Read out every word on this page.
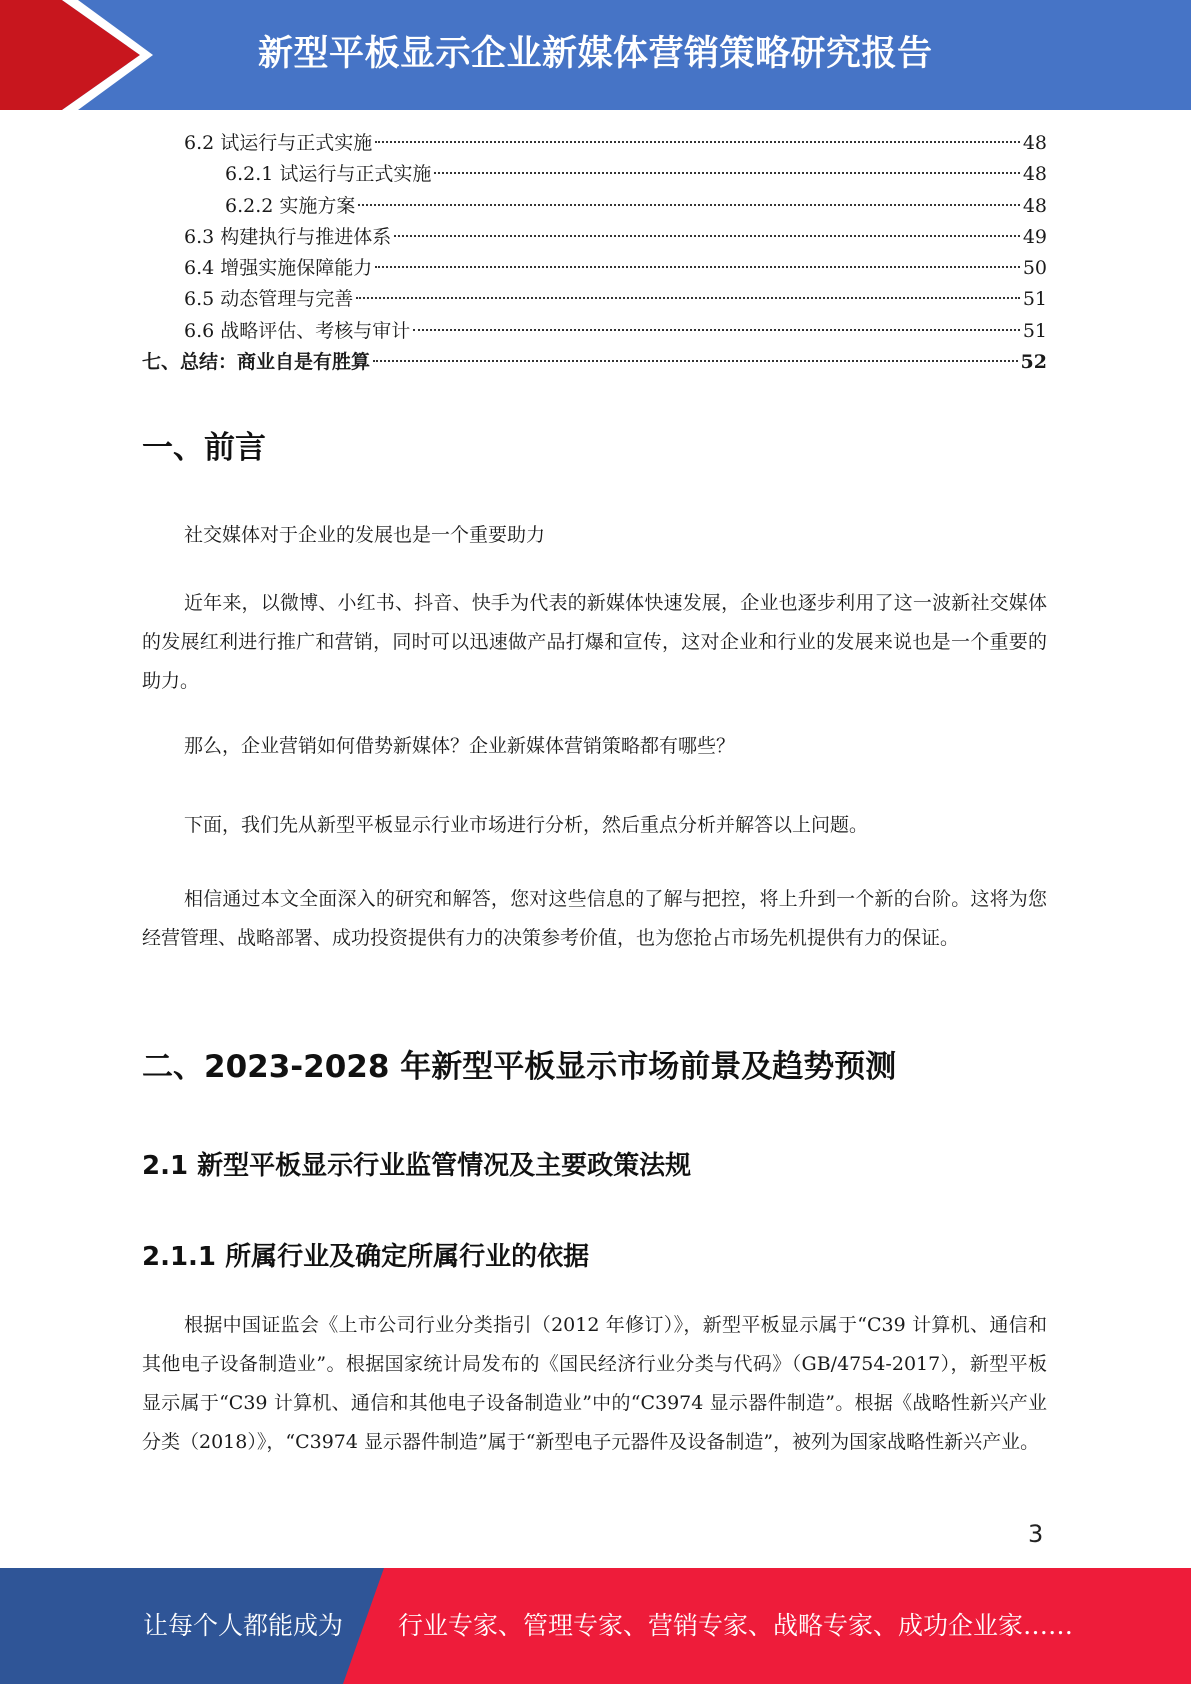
新型平板显示企业新媒体营销策略研究报告
6.2 试运行与正式实施	48
6.2.1 试运行与正式实施	48
6.2.2 实施方案	48
6.3 构建执行与推进体系	49
6.4 增强实施保障能力	50
6.5 动态管理与完善	51
6.6 战略评估、考核与审计	51
七、总结：商业自是有胜算	52
一、前言

社交媒体对于企业的发展也是一个重要助力

近年来，以微博、小红书、抖音、快手为代表的新媒体快速发展，企业也逐步利用了这一波新社交媒体的发展红利进行推广和营销，同时可以迅速做产品打爆和宣传，这对企业和行业的发展来说也是一个重要的助力。

那么，企业营销如何借势新媒体？企业新媒体营销策略都有哪些？

下面，我们先从新型平板显示行业市场进行分析，然后重点分析并解答以上问题。

相信通过本文全面深入的研究和解答，您对这些信息的了解与把控，将上升到一个新的台阶。这将为您经营管理、战略部署、成功投资提供有力的决策参考价值，也为您抢占市场先机提供有力的保证。

二、2023-2028 年新型平板显示市场前景及趋势预测
2.1 新型平板显示行业监管情况及主要政策法规
2.1.1 所属行业及确定所属行业的依据

根据中国证监会《上市公司行业分类指引（2012 年修订）》，新型平板显示属于“C39 计算机、通信和其他电子设备制造业”。根据国家统计局发布的《国民经济行业分类与代码》（GB/4754-2017），新型平板显示属于“C39 计算机、通信和其他电子设备制造业”中的“C3974 显示器件制造”。根据《战略性新兴产业分类（2018）》，“C3974 显示器件制造”属于“新型电子元器件及设备制造”，被列为国家战略性新兴产业。

3
让每个人都能成为 行业专家、管理专家、营销专家、战略专家、成功企业家……
